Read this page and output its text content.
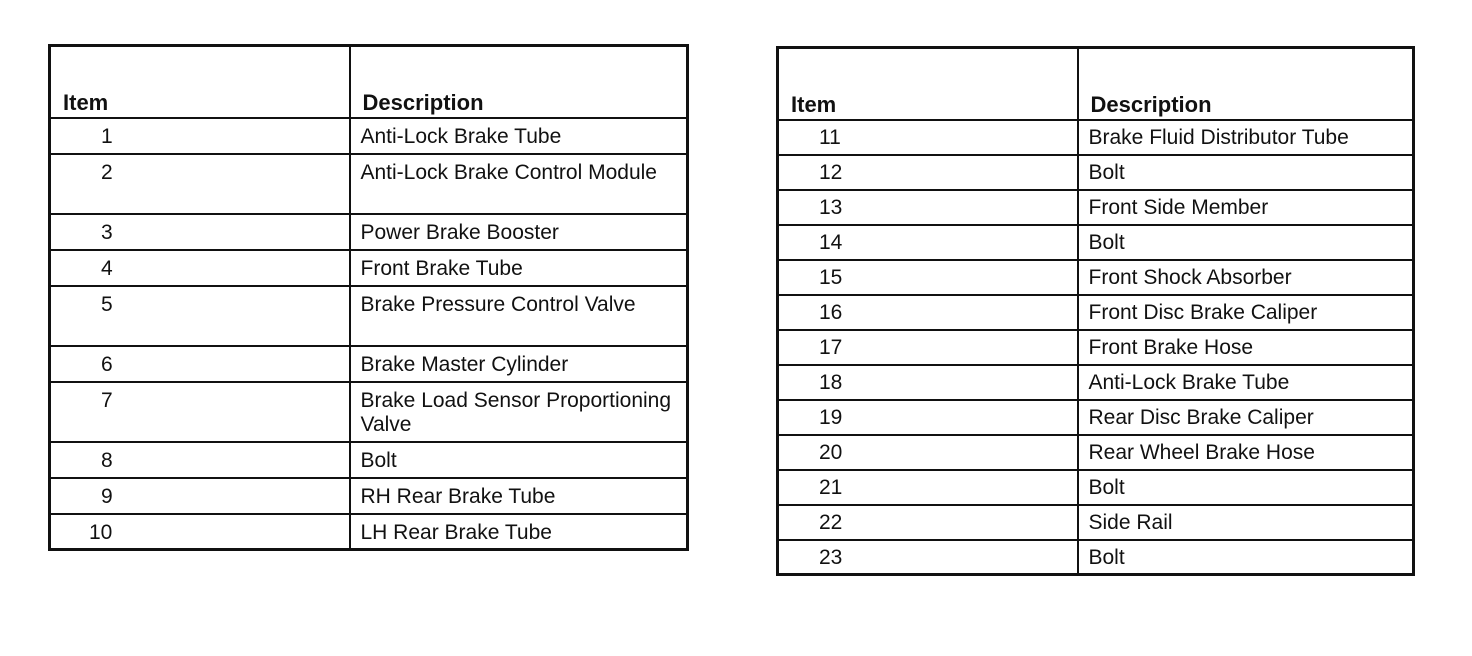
Item	Description
1	Anti-Lock Brake Tube
2	Anti-Lock Brake Control Module
3	Power Brake Booster
4	Front Brake Tube
5	Brake Pressure Control Valve
6	Brake Master Cylinder
7	Brake Load Sensor Proportioning Valve
8	Bolt
9	RH Rear Brake Tube
10	LH Rear Brake Tube
Item	Description
11	Brake Fluid Distributor Tube
12	Bolt
13	Front Side Member
14	Bolt
15	Front Shock Absorber
16	Front Disc Brake Caliper
17	Front Brake Hose
18	Anti-Lock Brake Tube
19	Rear Disc Brake Caliper
20	Rear Wheel Brake Hose
21	Bolt
22	Side Rail
23	Bolt
